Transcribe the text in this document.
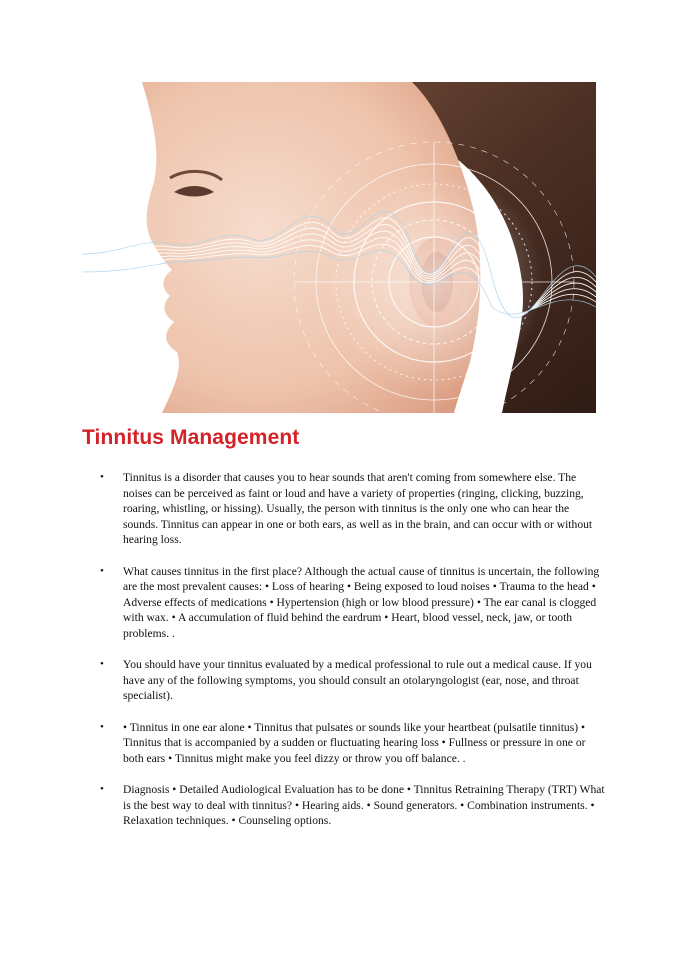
Tinnitus Management
• Tinnitus is a disorder that causes you to hear sounds that aren't coming from somewhere else. The noises can be perceived as faint or loud and have a variety of properties (ringing, clicking, buzzing, roaring, whistling, or hissing). Usually, the person with tinnitus is the only one who can hear the sounds. Tinnitus can appear in one or both ears, as well as in the brain, and can occur with or without hearing loss.
• What causes tinnitus in the first place? Although the actual cause of tinnitus is uncertain, the following are the most prevalent causes: • Loss of hearing • Being exposed to loud noises • Trauma to the head • Adverse effects of medications • Hypertension (high or low blood pressure) • The ear canal is clogged with wax. • A accumulation of fluid behind the eardrum • Heart, blood vessel, neck, jaw, or tooth problems. .
• You should have your tinnitus evaluated by a medical professional to rule out a medical cause. If you have any of the following symptoms, you should consult an otolaryngologist (ear, nose, and throat specialist).
• • Tinnitus in one ear alone • Tinnitus that pulsates or sounds like your heartbeat (pulsatile tinnitus) • Tinnitus that is accompanied by a sudden or fluctuating hearing loss • Fullness or pressure in one or both ears • Tinnitus might make you feel dizzy or throw you off balance. .
• Diagnosis • Detailed Audiological Evaluation has to be done • Tinnitus Retraining Therapy (TRT) What is the best way to deal with tinnitus? • Hearing aids. • Sound generators. • Combination instruments. • Relaxation techniques. • Counseling options.
